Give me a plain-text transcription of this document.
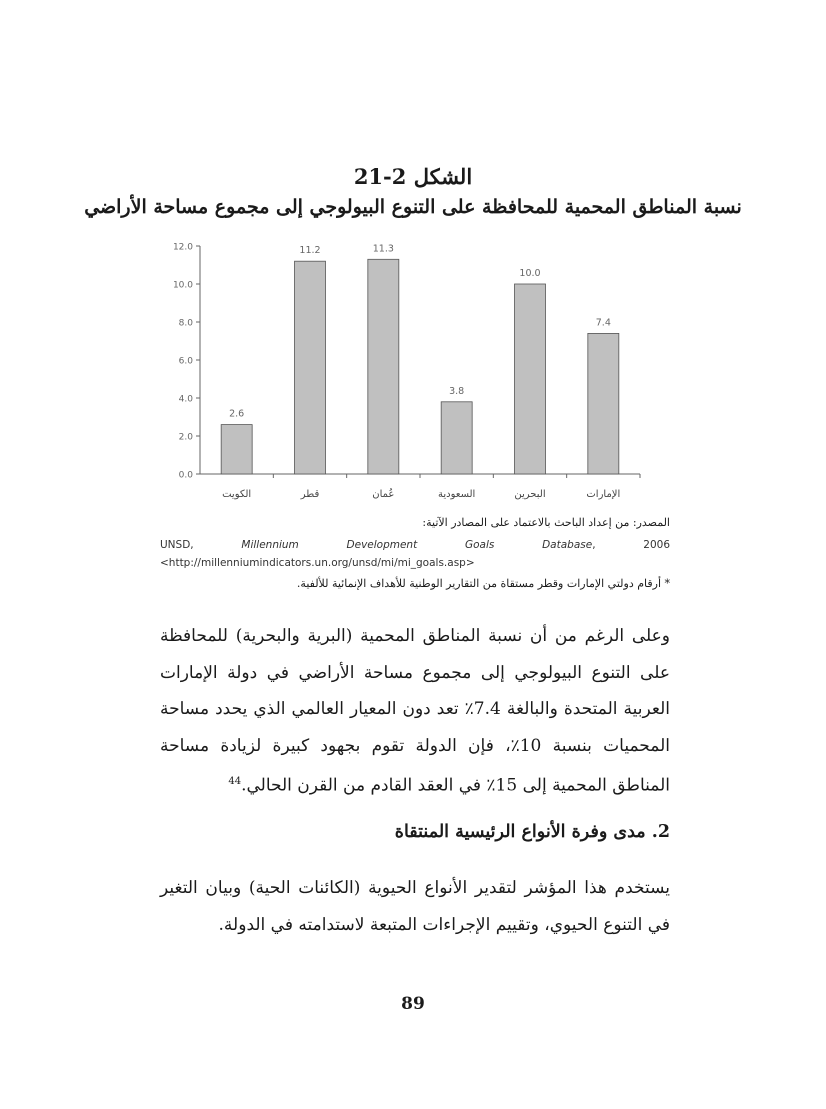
الشكل 2-21
نسبة المناطق المحمية للمحافظة على التنوع البيولوجي إلى مجموع مساحة الأراضي
0.0
2.0
4.0
6.0
8.0
10.0
12.0
2.6
الكويت
11.2
قطر
11.3
عُمان
3.8
السعودية
10.0
البحرين
7.4
الإمارات

المصدر: من إعداد الباحث بالاعتماد على المصادر الآتية:

UNSD, Millennium Development Goals Database, 2006 <http://millenniumindicators.un.org/unsd/mi/mi_goals.asp>

* أرقام دولتي الإمارات وقطر مستقاة من التقارير الوطنية للأهداف الإنمائية للألفية.

وعلى الرغم من أن نسبة المناطق المحمية (البرية والبحرية) للمحافظة على التنوع البيولوجي إلى مجموع مساحة الأراضي في دولة الإمارات العربية المتحدة والبالغة 7.4٪ تعد دون المعيار العالمي الذي يحدد مساحة المحميات بنسبة 10٪، فإن الدولة تقوم بجهود كبيرة لزيادة مساحة المناطق المحمية إلى 15٪ في العقد القادم من القرن الحالي.$^{44}$

2. مدى وفرة الأنواع الرئيسية المنتقاة

يستخدم هذا المؤشر لتقدير الأنواع الحيوية (الكائنات الحية) وبيان التغير في التنوع الحيوي، وتقييم الإجراءات المتبعة لاستدامته في الدولة.

89
